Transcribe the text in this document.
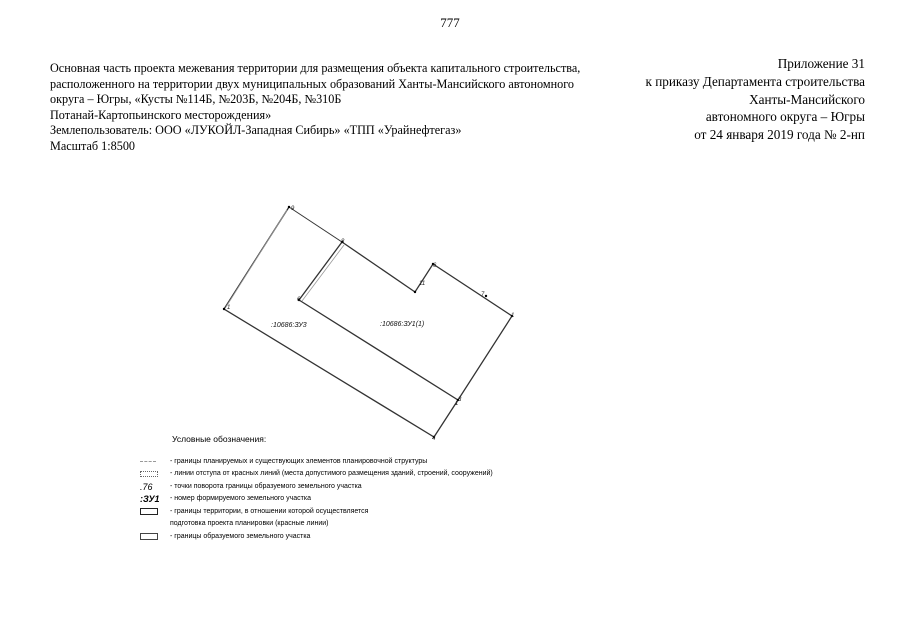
777
Основная часть проекта межевания территории для размещения объекта капитального строительства,
расположенного на территории двух муниципальных образований Ханты-Мансийского автономного
округа – Югры, «Кусты №114Б, №203Б, №204Б, №310Б
Потанай-Картопьинского месторождения»
Землепользователь: ООО «ЛУКОЙЛ-Западная Сибирь» «ТПП «Урайнефтегаз»
Масштаб 1:8500
Приложение 31
к приказу Департамента строительства
Ханты-Мансийского
автономного округа – Югры
от 24 января 2019 года № 2-нп
9
8
1
6
11
6
7
1
3
1
4
:10686:ЗУ3	:10686:ЗУ1(1)
Условные обозначения:
- границы планируемых и существующих элементов планировочной структуры
- линии отступа от красных линий (места допустимого размещения зданий, строений, сооружений)
.76	- точки поворота границы образуемого земельного участка
:ЗУ1	- номер формируемого земельного участка
- границы территории, в отношении которой осуществляется
подготовка проекта планировки (красные линии)
- границы образуемого земельного участка
